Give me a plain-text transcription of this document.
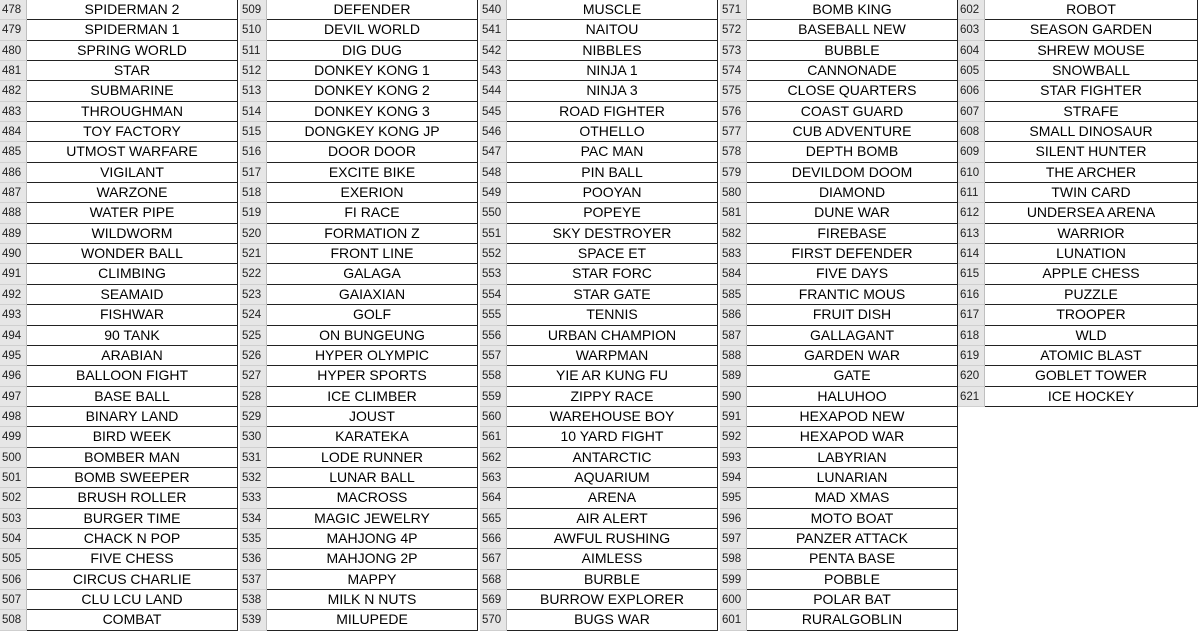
478	SPIDERMAN 2
479	SPIDERMAN 1
480	SPRING WORLD
481	STAR
482	SUBMARINE
483	THROUGHMAN
484	TOY FACTORY
485	UTMOST WARFARE
486	VIGILANT
487	WARZONE
488	WATER PIPE
489	WILDWORM
490	WONDER BALL
491	CLIMBING
492	SEAMAID
493	FISHWAR
494	90 TANK
495	ARABIAN
496	BALLOON FIGHT
497	BASE BALL
498	BINARY LAND
499	BIRD WEEK
500	BOMBER MAN
501	BOMB SWEEPER
502	BRUSH ROLLER
503	BURGER TIME
504	CHACK N POP
505	FIVE CHESS
506	CIRCUS CHARLIE
507	CLU LCU LAND
508	COMBAT
509	DEFENDER
510	DEVIL WORLD
511	DIG DUG
512	DONKEY KONG 1
513	DONKEY KONG 2
514	DONKEY KONG 3
515	DONGKEY KONG JP
516	DOOR DOOR
517	EXCITE BIKE
518	EXERION
519	FI RACE
520	FORMATION Z
521	FRONT LINE
522	GALAGA
523	GAIAXIAN
524	GOLF
525	ON BUNGEUNG
526	HYPER OLYMPIC
527	HYPER SPORTS
528	ICE CLIMBER
529	JOUST
530	KARATEKA
531	LODE RUNNER
532	LUNAR BALL
533	MACROSS
534	MAGIC JEWELRY
535	MAHJONG 4P
536	MAHJONG 2P
537	MAPPY
538	MILK N NUTS
539	MILUPEDE
540	MUSCLE
541	NAITOU
542	NIBBLES
543	NINJA 1
544	NINJA 3
545	ROAD FIGHTER
546	OTHELLO
547	PAC MAN
548	PIN BALL
549	POOYAN
550	POPEYE
551	SKY DESTROYER
552	SPACE ET
553	STAR FORC
554	STAR GATE
555	TENNIS
556	URBAN CHAMPION
557	WARPMAN
558	YIE AR KUNG FU
559	ZIPPY RACE
560	WAREHOUSE BOY
561	10 YARD FIGHT
562	ANTARCTIC
563	AQUARIUM
564	ARENA
565	AIR ALERT
566	AWFUL RUSHING
567	AIMLESS
568	BURBLE
569	BURROW EXPLORER
570	BUGS WAR
571	BOMB KING
572	BASEBALL NEW
573	BUBBLE
574	CANNONADE
575	CLOSE QUARTERS
576	COAST GUARD
577	CUB ADVENTURE
578	DEPTH BOMB
579	DEVILDOM DOOM
580	DIAMOND
581	DUNE WAR
582	FIREBASE
583	FIRST DEFENDER
584	FIVE DAYS
585	FRANTIC MOUS
586	FRUIT DISH
587	GALLAGANT
588	GARDEN WAR
589	GATE
590	HALUHOO
591	HEXAPOD NEW
592	HEXAPOD WAR
593	LABYRIAN
594	LUNARIAN
595	MAD XMAS
596	MOTO BOAT
597	PANZER ATTACK
598	PENTA BASE
599	POBBLE
600	POLAR BAT
601	RURALGOBLIN
602	ROBOT
603	SEASON GARDEN
604	SHREW MOUSE
605	SNOWBALL
606	STAR FIGHTER
607	STRAFE
608	SMALL DINOSAUR
609	SILENT HUNTER
610	THE ARCHER
611	TWIN CARD
612	UNDERSEA ARENA
613	WARRIOR
614	LUNATION
615	APPLE CHESS
616	PUZZLE
617	TROOPER
618	WLD
619	ATOMIC BLAST
620	GOBLET TOWER
621	ICE HOCKEY
